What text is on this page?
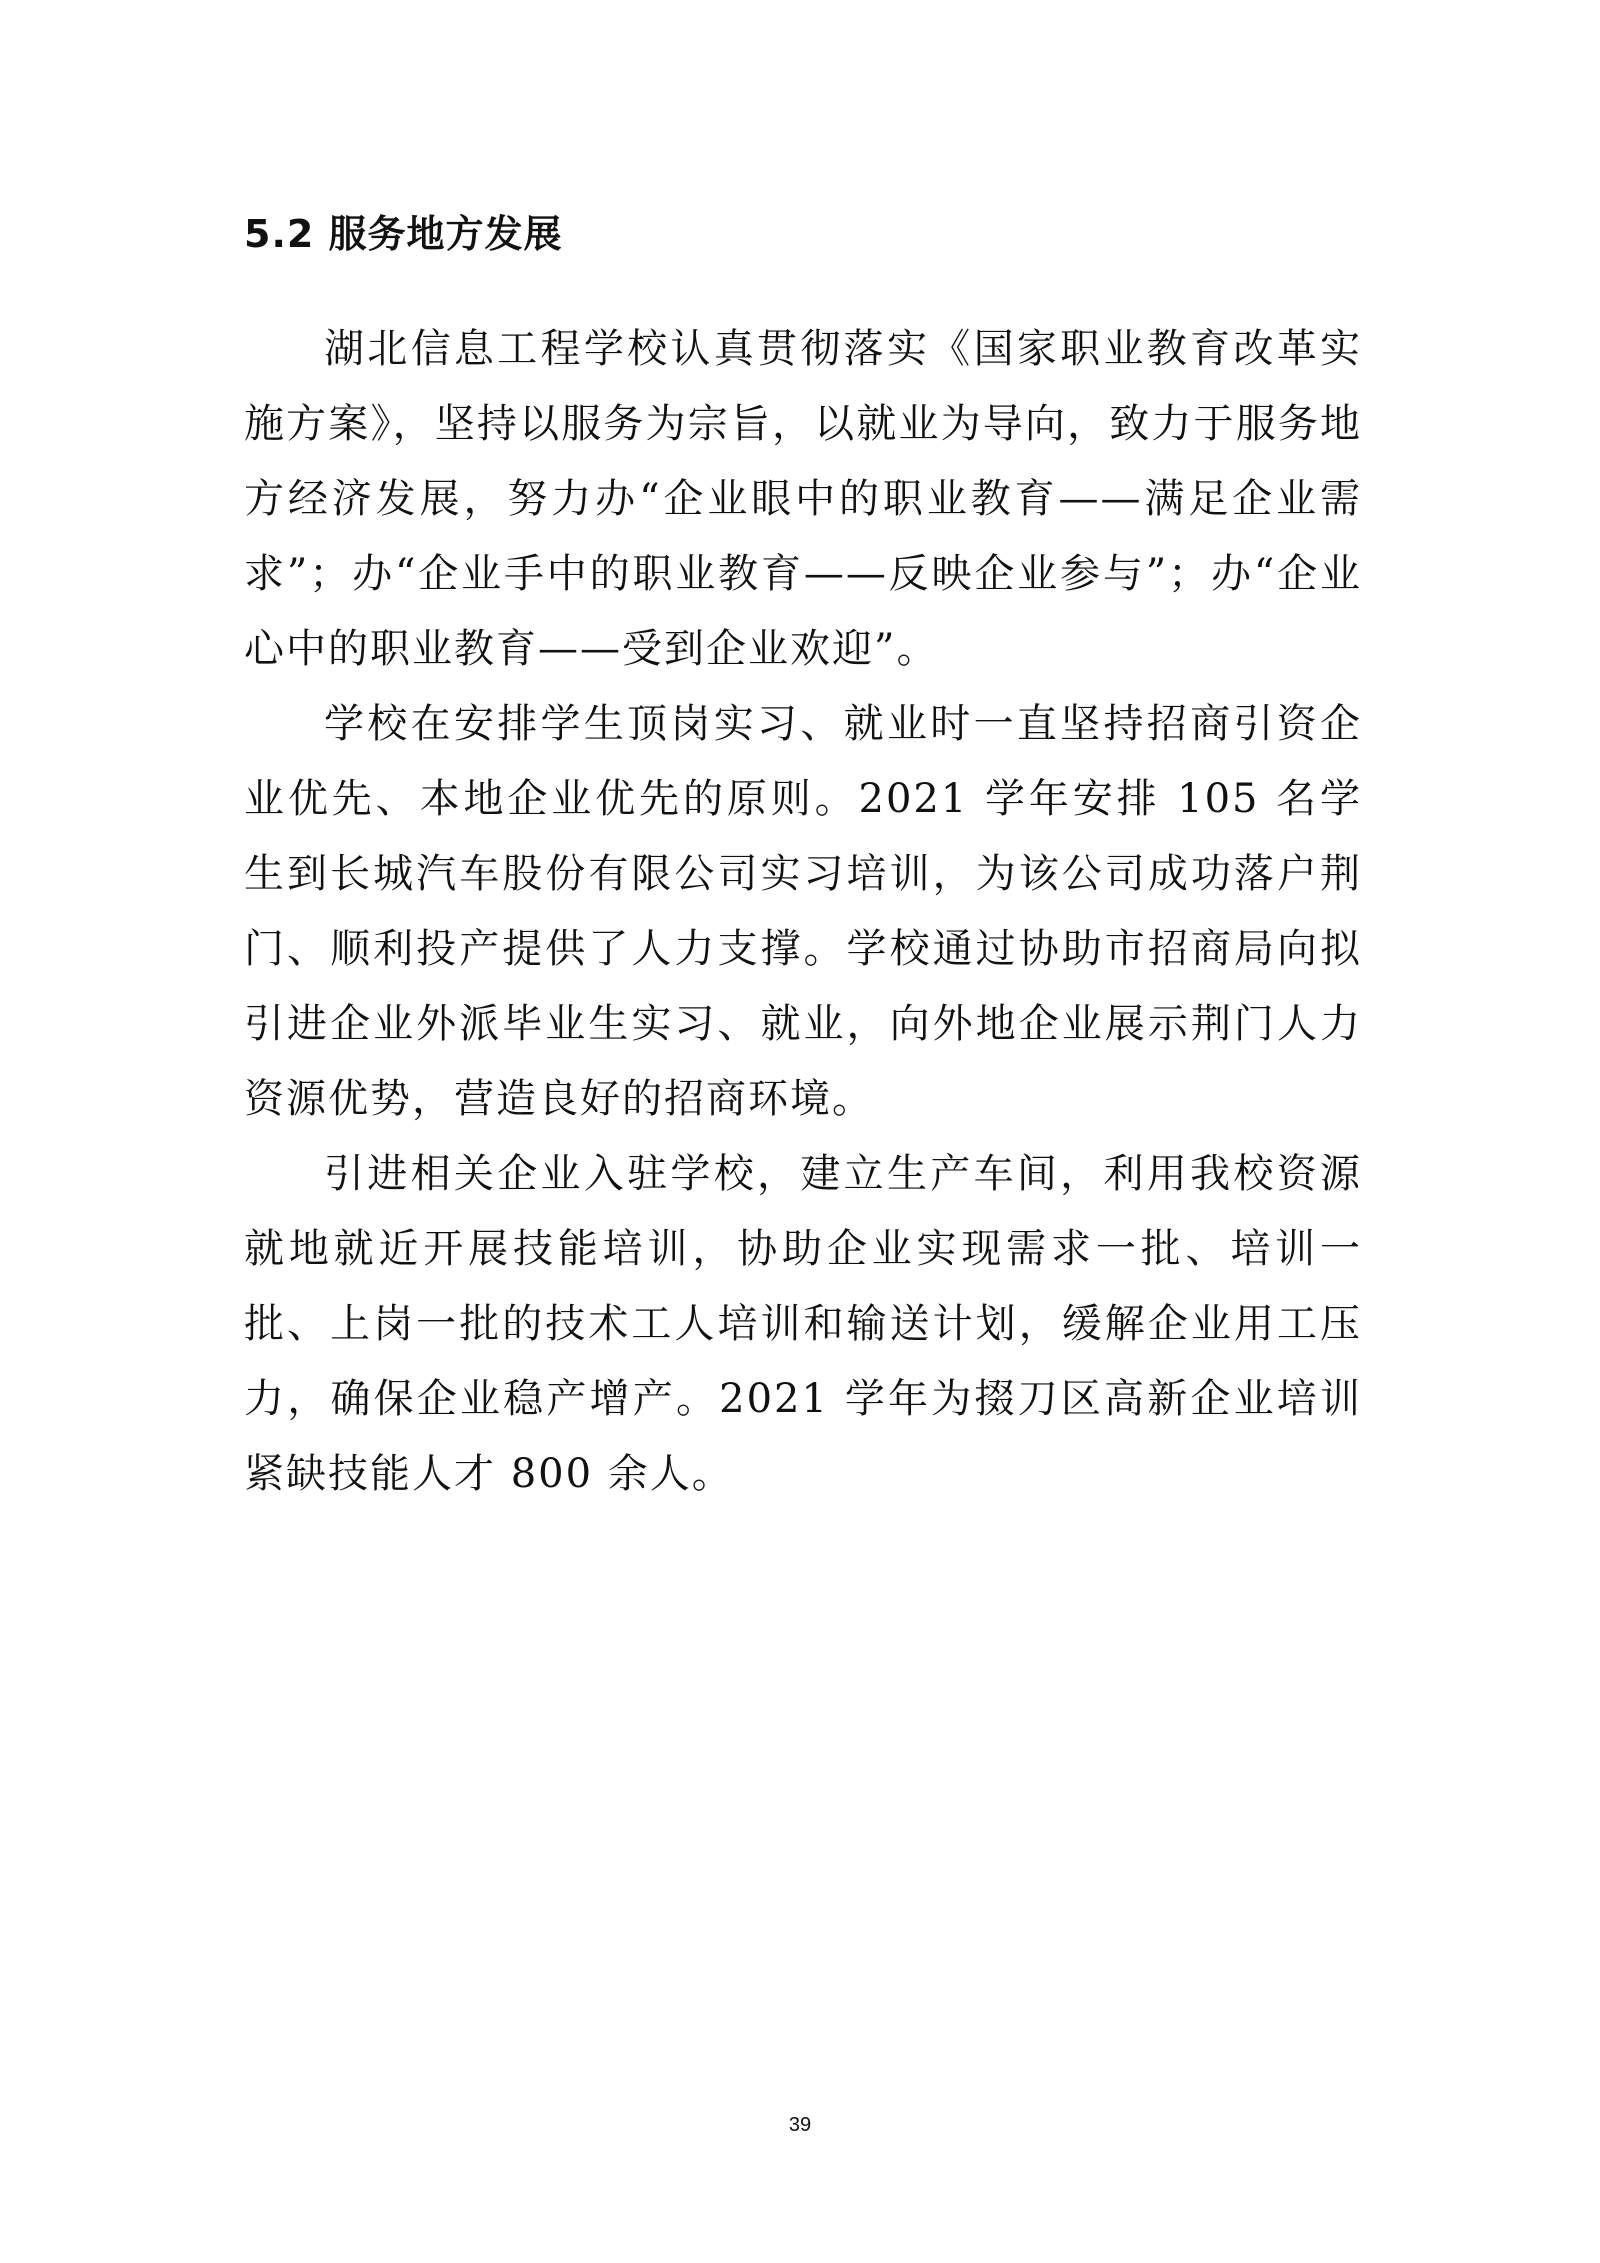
5.2 服务地方发展

湖北信息工程学校认真贯彻落实《国家职业教育改革实施方案》，坚持以服务为宗旨，以就业为导向，致力于服务地方经济发展，努力办“企业眼中的职业教育——满足企业需求”；办“企业手中的职业教育——反映企业参与”；办“企业心中的职业教育——受到企业欢迎”。

学校在安排学生顶岗实习、就业时一直坚持招商引资企业优先、本地企业优先的原则。2021 学年安排 105 名学生到长城汽车股份有限公司实习培训，为该公司成功落户荆门、顺利投产提供了人力支撑。学校通过协助市招商局向拟引进企业外派毕业生实习、就业，向外地企业展示荆门人力资源优势，营造良好的招商环境。

引进相关企业入驻学校，建立生产车间，利用我校资源就地就近开展技能培训，协助企业实现需求一批、培训一批、上岗一批的技术工人培训和输送计划，缓解企业用工压力，确保企业稳产增产。2021 学年为掇刀区高新企业培训紧缺技能人才 800 余人。

39
